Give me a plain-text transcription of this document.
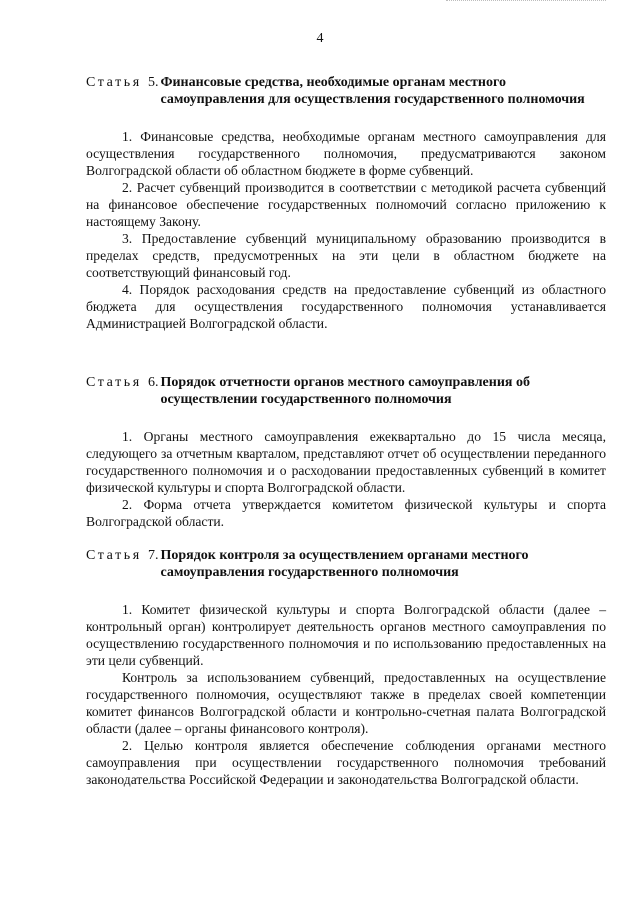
4
Статья 5. Финансовые средства, необходимые органам местного самоуправления для осуществления государственного полномочия

1. Финансовые средства, необходимые органам местного самоуправления для осуществления государственного полномочия, предусматриваются законом Волгоградской области об областном бюджете в форме субвенций.

2. Расчет субвенций производится в соответствии с методикой расчета субвенций на финансовое обеспечение государственных полномочий согласно приложению к настоящему Закону.

3. Предоставление субвенций муниципальному образованию производится в пределах средств, предусмотренных на эти цели в областном бюджете на соответствующий финансовый год.

4. Порядок расходования средств на предоставление субвенций из областного бюджета для осуществления государственного полномочия устанавливается Администрацией Волгоградской области.

Статья 6. Порядок отчетности органов местного самоуправления об осуществлении государственного полномочия

1. Органы местного самоуправления ежеквартально до 15 числа месяца, следующего за отчетным кварталом, представляют отчет об осуществлении переданного государственного полномочия и о расходовании предоставленных субвенций в комитет физической культуры и спорта Волгоградской области.

2. Форма отчета утверждается комитетом физической культуры и спорта Волгоградской области.

Статья 7. Порядок контроля за осуществлением органами местного самоуправления государственного полномочия

1. Комитет физической культуры и спорта Волгоградской области (далее – контрольный орган) контролирует деятельность органов местного самоуправления по осуществлению государственного полномочия и по использованию предоставленных на эти цели субвенций.

Контроль за использованием субвенций, предоставленных на осуществление государственного полномочия, осуществляют также в пределах своей компетенции комитет финансов Волгоградской области и контрольно-счетная палата Волгоградской области (далее – органы финансового контроля).

2. Целью контроля является обеспечение соблюдения органами местного самоуправления при осуществлении государственного полномочия требований законодательства Российской Федерации и законодательства Волгоградской области.
